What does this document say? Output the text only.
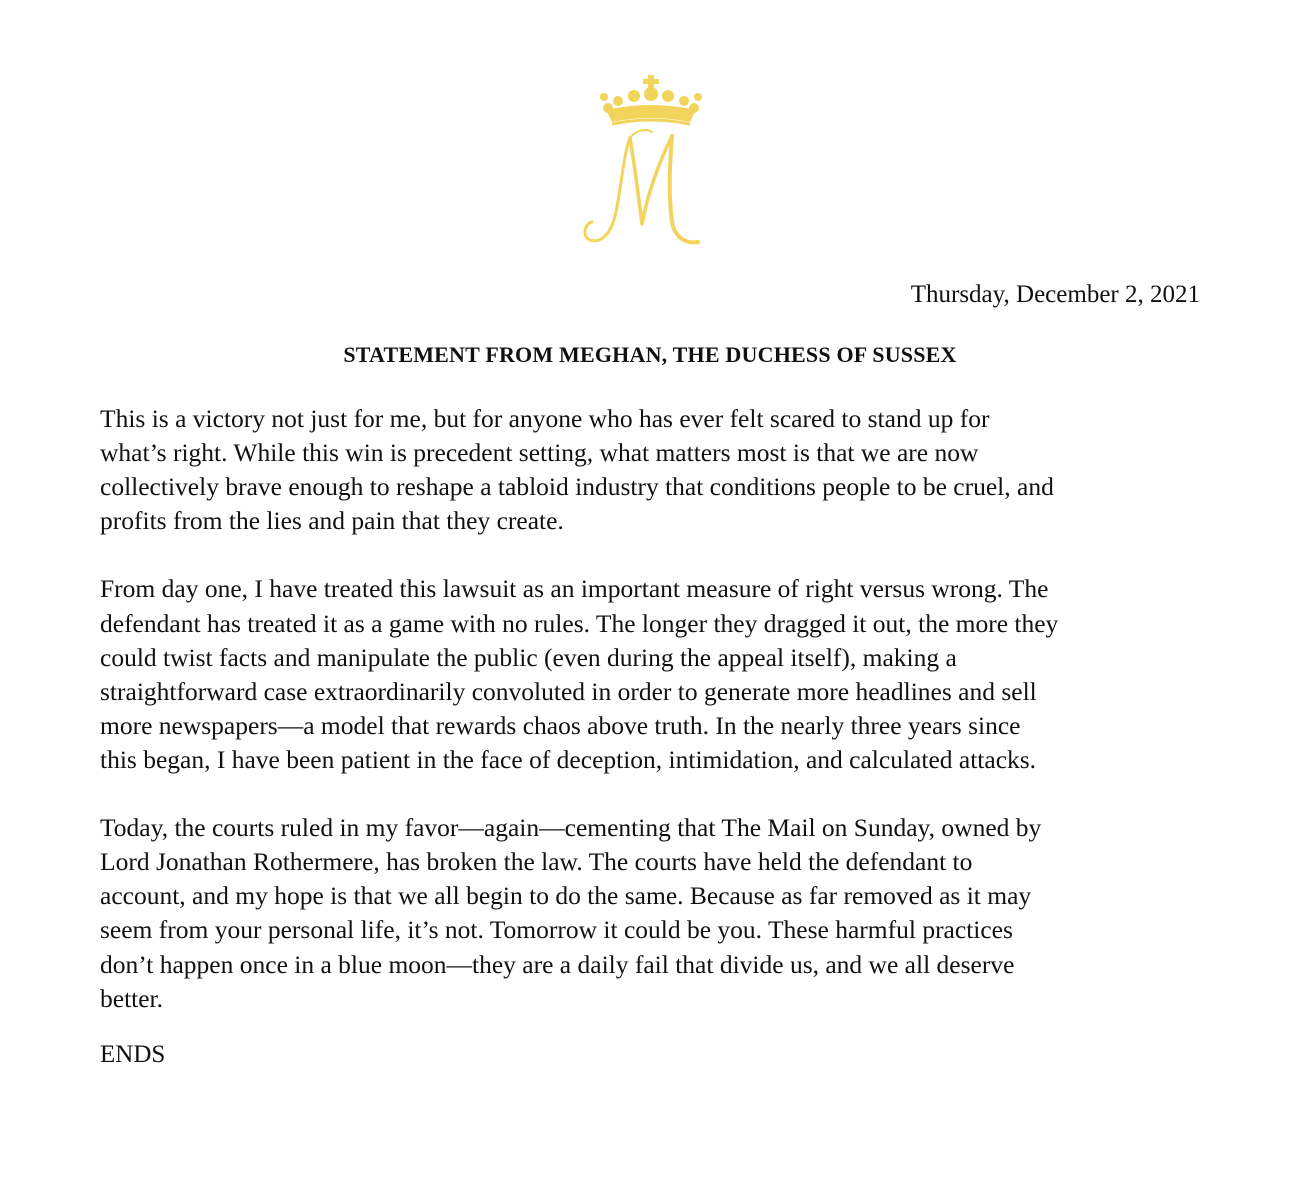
Thursday, December 2, 2021
STATEMENT FROM MEGHAN, THE DUCHESS OF SUSSEX

This is a victory not just for me, but for anyone who has ever felt scared to stand up for
what’s right. While this win is precedent setting, what matters most is that we are now
collectively brave enough to reshape a tabloid industry that conditions people to be cruel, and
profits from the lies and pain that they create.

From day one, I have treated this lawsuit as an important measure of right versus wrong. The
defendant has treated it as a game with no rules. The longer they dragged it out, the more they
could twist facts and manipulate the public (even during the appeal itself), making a
straightforward case extraordinarily convoluted in order to generate more headlines and sell
more newspapers—a model that rewards chaos above truth. In the nearly three years since
this began, I have been patient in the face of deception, intimidation, and calculated attacks.

Today, the courts ruled in my favor—again—cementing that The Mail on Sunday, owned by
Lord Jonathan Rothermere, has broken the law. The courts have held the defendant to
account, and my hope is that we all begin to do the same. Because as far removed as it may
seem from your personal life, it’s not. Tomorrow it could be you. These harmful practices
don’t happen once in a blue moon—they are a daily fail that divide us, and we all deserve
better.

ENDS
